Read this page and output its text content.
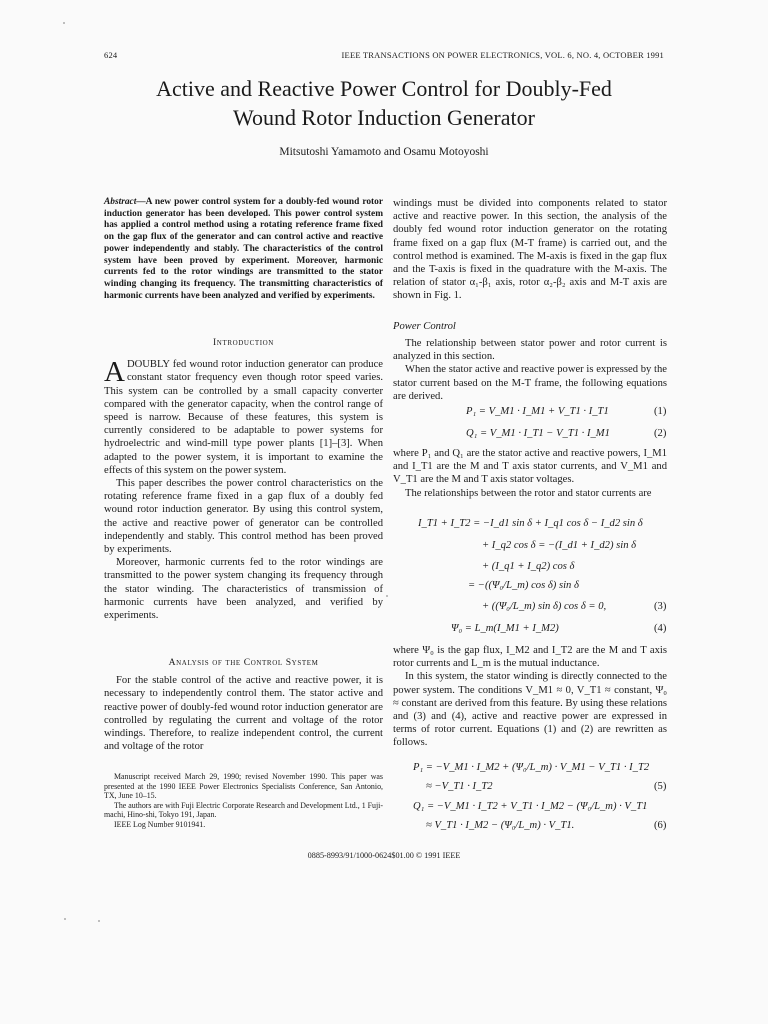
624	IEEE TRANSACTIONS ON POWER ELECTRONICS, VOL. 6, NO. 4, OCTOBER 1991
Active and Reactive Power Control for Doubly-Fed
Wound Rotor Induction Generator
Mitsutoshi Yamamoto and Osamu Motoyoshi
Abstract—A new power control system for a doubly-fed wound rotor induction generator has been developed. This power control system has applied a control method using a rotating reference frame fixed on the gap flux of the generator and can control active and reactive power independently and stably. The characteristics of the control system have been proved by experiment. Moreover, harmonic currents fed to the rotor windings are transmitted to the stator winding changing its frequency. The transmitting characteristics of harmonic currents have been analyzed and verified by experiments.
Introduction

ADOUBLY fed wound rotor induction generator can produce constant stator frequency even though rotor speed varies. This system can be controlled by a small capacity converter compared with the generator capacity, when the control range of speed is narrow. Because of these features, this system is currently considered to be adaptable to power systems for hydroelectric and wind-mill type power plants [1]–[3]. When adapted to the power system, it is important to examine the effects of this system on the power system.

This paper describes the power control characteristics on the rotating reference frame fixed in a gap flux of a doubly fed wound rotor induction generator. By using this control system, the active and reactive power of generator can be controlled independently and stably. This control method has been proved by experiments.

Moreover, harmonic currents fed to the rotor windings are transmitted to the power system changing its frequency through the stator winding. The characteristics of transmission of harmonic currents have been analyzed, and verified by experiments.

Analysis of the Control System

For the stable control of the active and reactive power, it is necessary to independently control them. The stator active and reactive power of doubly-fed wound rotor induction generator are controlled by regulating the current and voltage of the rotor windings. Therefore, to realize independent control, the current and voltage of the rotor

Manuscript received March 29, 1990; revised November 1990. This paper was presented at the 1990 IEEE Power Electronics Specialists Conference, San Antonio, TX, June 10–15.

The authors are with Fuji Electric Corporate Research and Development Ltd., 1 Fuji-machi, Hino-shi, Tokyo 191, Japan.

IEEE Log Number 9101941.

windings must be divided into components related to stator active and reactive power. In this section, the analysis of the doubly fed wound rotor induction generator on the rotating frame fixed on a gap flux (M-T frame) is carried out, and the control method is examined. The M-axis is fixed in the gap flux and the T-axis is fixed in the quadrature with the M-axis. The relation of stator α₁-β₁ axis, rotor α₂-β₂ axis and M-T axis are shown in Fig. 1.
Power Control

The relationship between stator power and rotor current is analyzed in this section.

When the stator active and reactive power is expressed by the stator current based on the M-T frame, the following equations are derived.

P₁ = V_M1 · I_M1 + V_T1 · I_T1	(1)
Q₁ = V_M1 · I_T1 − V_T1 · I_M1	(2)

where P₁ and Q₁ are the stator active and reactive powers, I_M1 and I_T1 are the M and T axis stator currents, and V_M1 and V_T1 are the M and T axis stator voltages.

The relationships between the rotor and stator currents are

I_T1 + I_T2 = −I_d1 sin δ + I_q1 cos δ − I_d2 sin δ
+ I_q2 cos δ = −(I_d1 + I_d2) sin δ
+ (I_q1 + I_q2) cos δ
= −((Ψ₀/L_m) cos δ) sin δ
+ ((Ψ₀/L_m) sin δ) cos δ = 0,	(3)
Ψ₀ = L_m(I_M1 + I_M2)	(4)

where Ψ₀ is the gap flux, I_M2 and I_T2 are the M and T axis rotor currents and L_m is the mutual inductance.

In this system, the stator winding is directly connected to the power system. The conditions V_M1 ≈ 0, V_T1 ≈ constant, Ψ₀ ≈ constant are derived from this feature. By using these relations and (3) and (4), active and reactive power are expressed in terms of rotor current. Equations (1) and (2) are rewritten as follows.

P₁ = −V_M1 · I_M2 + (Ψ₀/L_m) · V_M1 − V_T1 · I_T2
≈ −V_T1 · I_T2	(5)
Q₁ = −V_M1 · I_T2 + V_T1 · I_M2 − (Ψ₀/L_m) · V_T1
≈ V_T1 · I_M2 − (Ψ₀/L_m) · V_T1.	(6)
0885-8993/91/1000-0624$01.00 © 1991 IEEE
